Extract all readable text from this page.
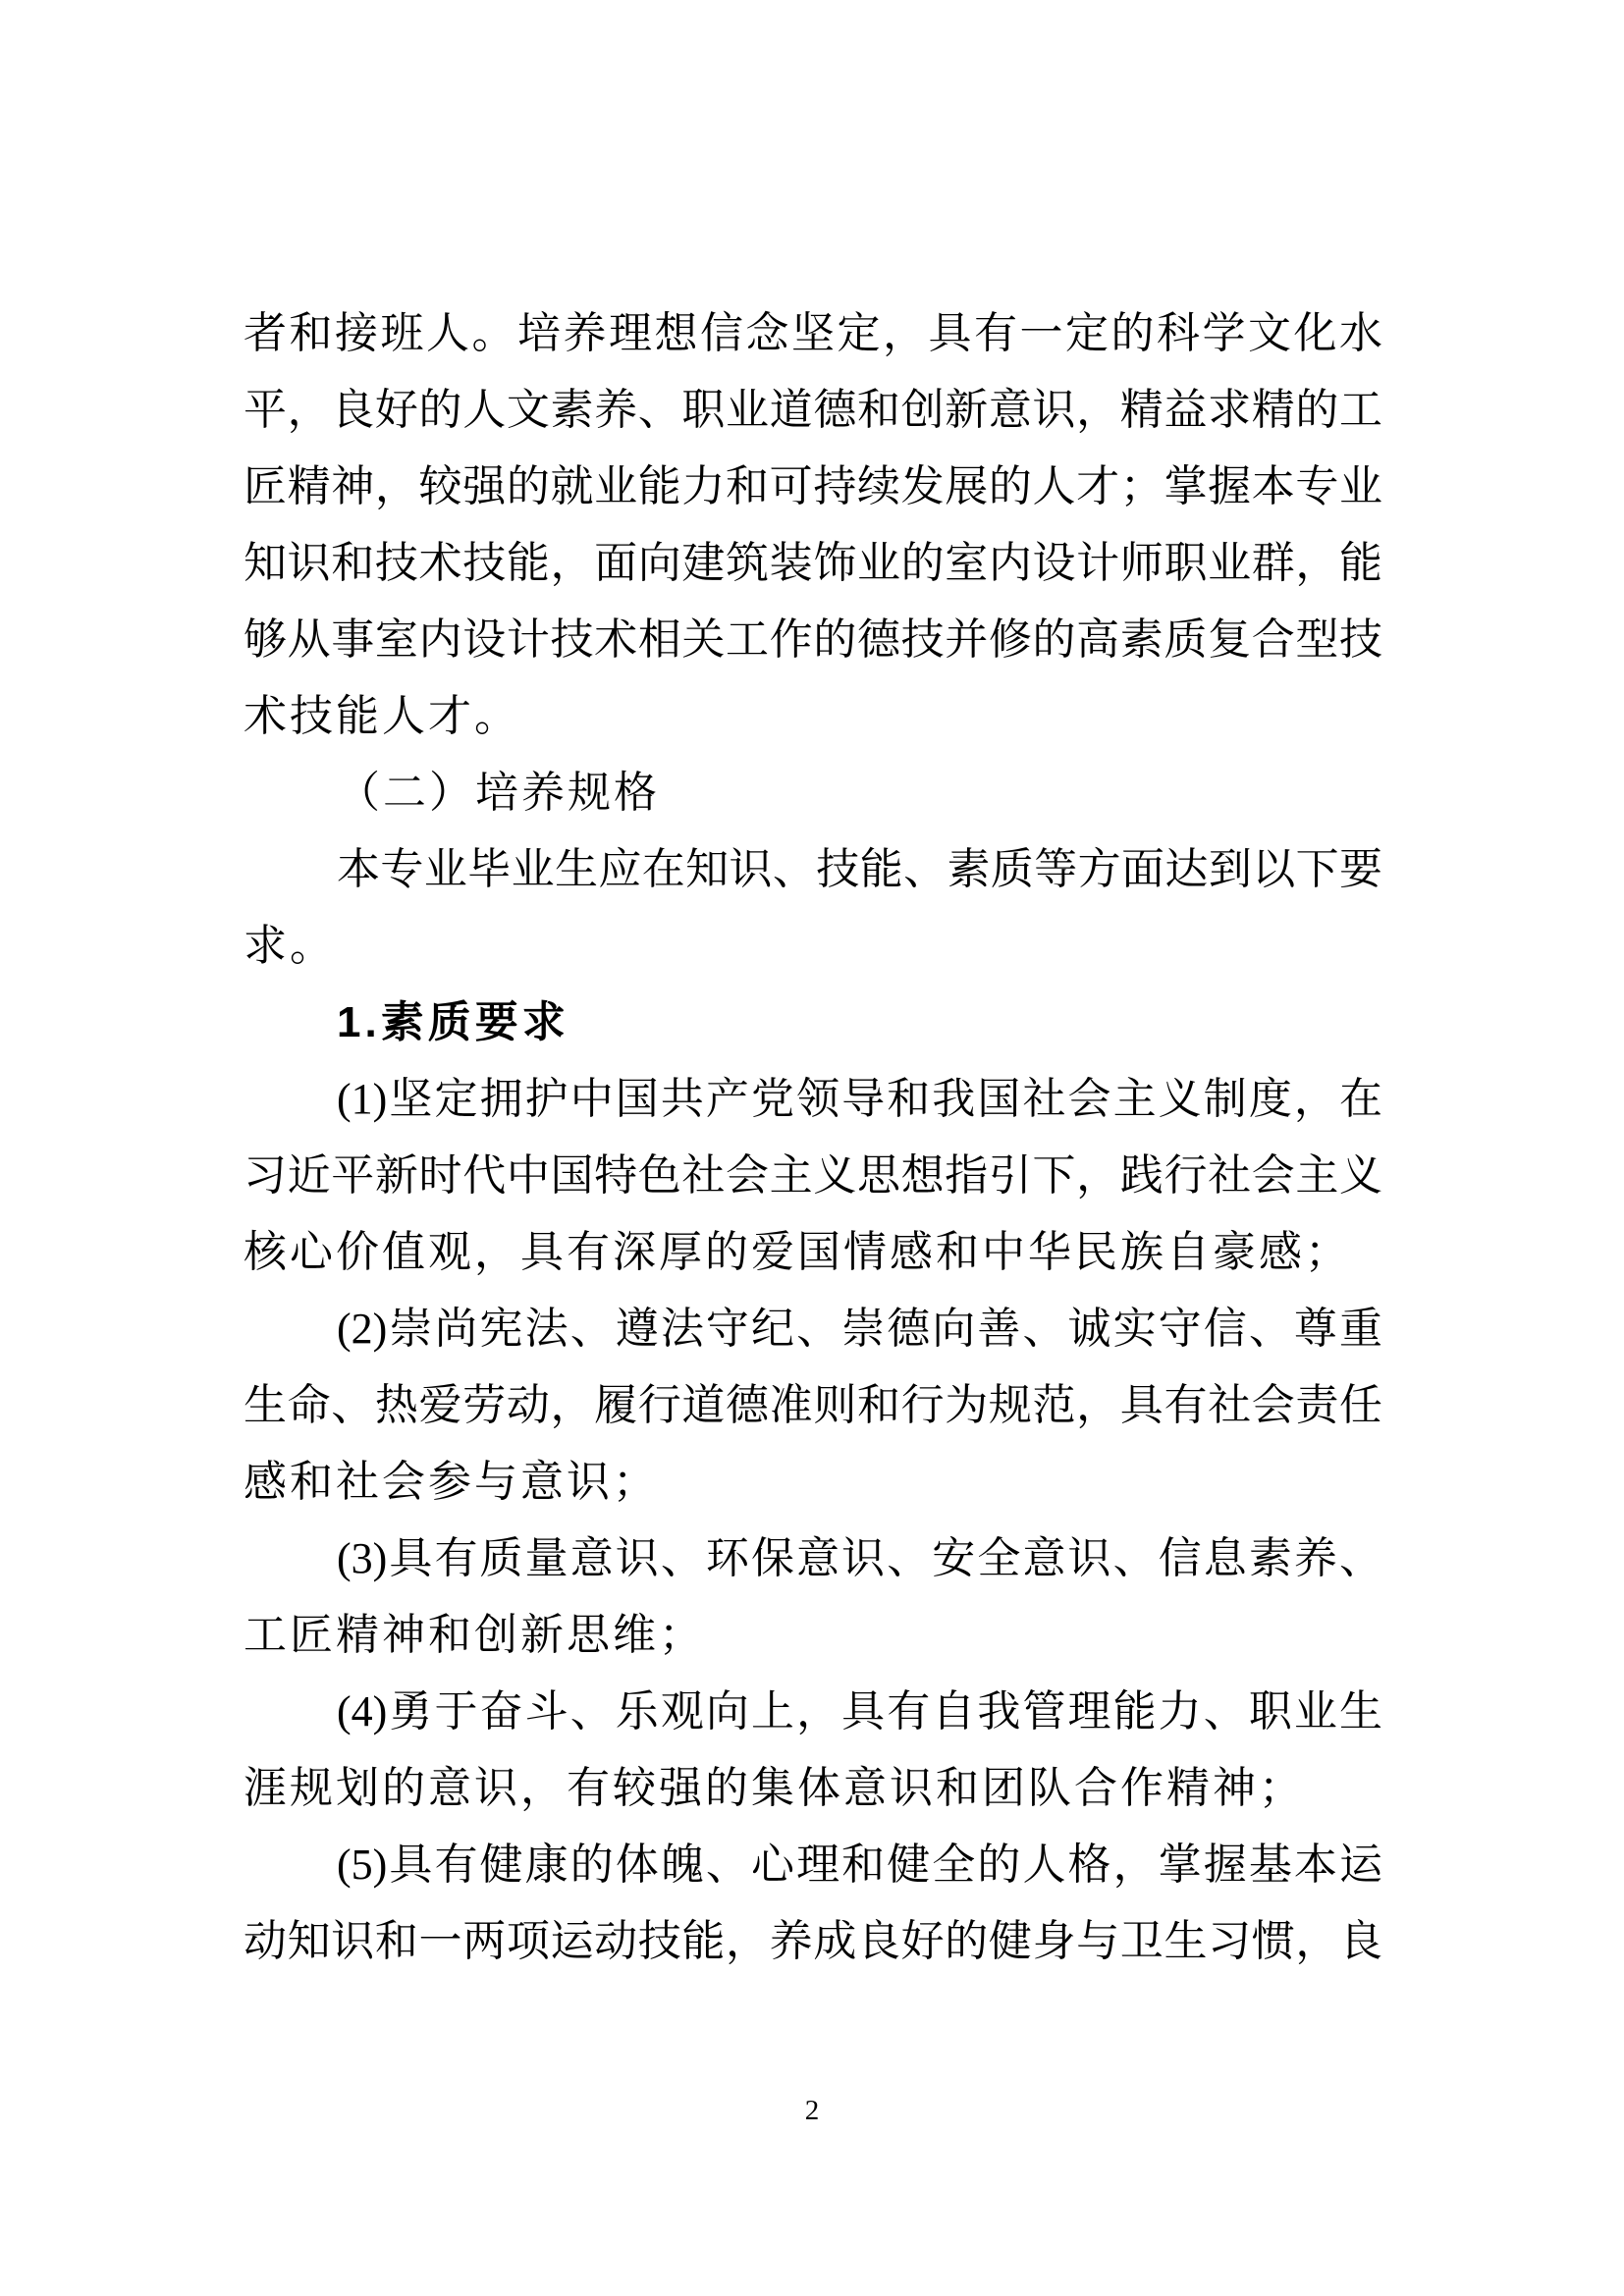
者和接班人。培养理想信念坚定，具有一定的科学文化水
平，良好的人文素养、职业道德和创新意识，精益求精的工
匠精神，较强的就业能力和可持续发展的人才；掌握本专业
知识和技术技能，面向建筑装饰业的室内设计师职业群，能
够从事室内设计技术相关工作的德技并修的高素质复合型技
术技能人才。
（二）培养规格
本专业毕业生应在知识、技能、素质等方面达到以下要
求。
1.素质要求
(1)坚定拥护中国共产党领导和我国社会主义制度，在
习近平新时代中国特色社会主义思想指引下，践行社会主义
核心价值观，具有深厚的爱国情感和中华民族自豪感；
(2)崇尚宪法、遵法守纪、崇德向善、诚实守信、尊重
生命、热爱劳动，履行道德准则和行为规范，具有社会责任
感和社会参与意识；
(3)具有质量意识、环保意识、安全意识、信息素养、
工匠精神和创新思维；
(4)勇于奋斗、乐观向上，具有自我管理能力、职业生
涯规划的意识，有较强的集体意识和团队合作精神；
(5)具有健康的体魄、心理和健全的人格，掌握基本运
动知识和一两项运动技能，养成良好的健身与卫生习惯，良
2
